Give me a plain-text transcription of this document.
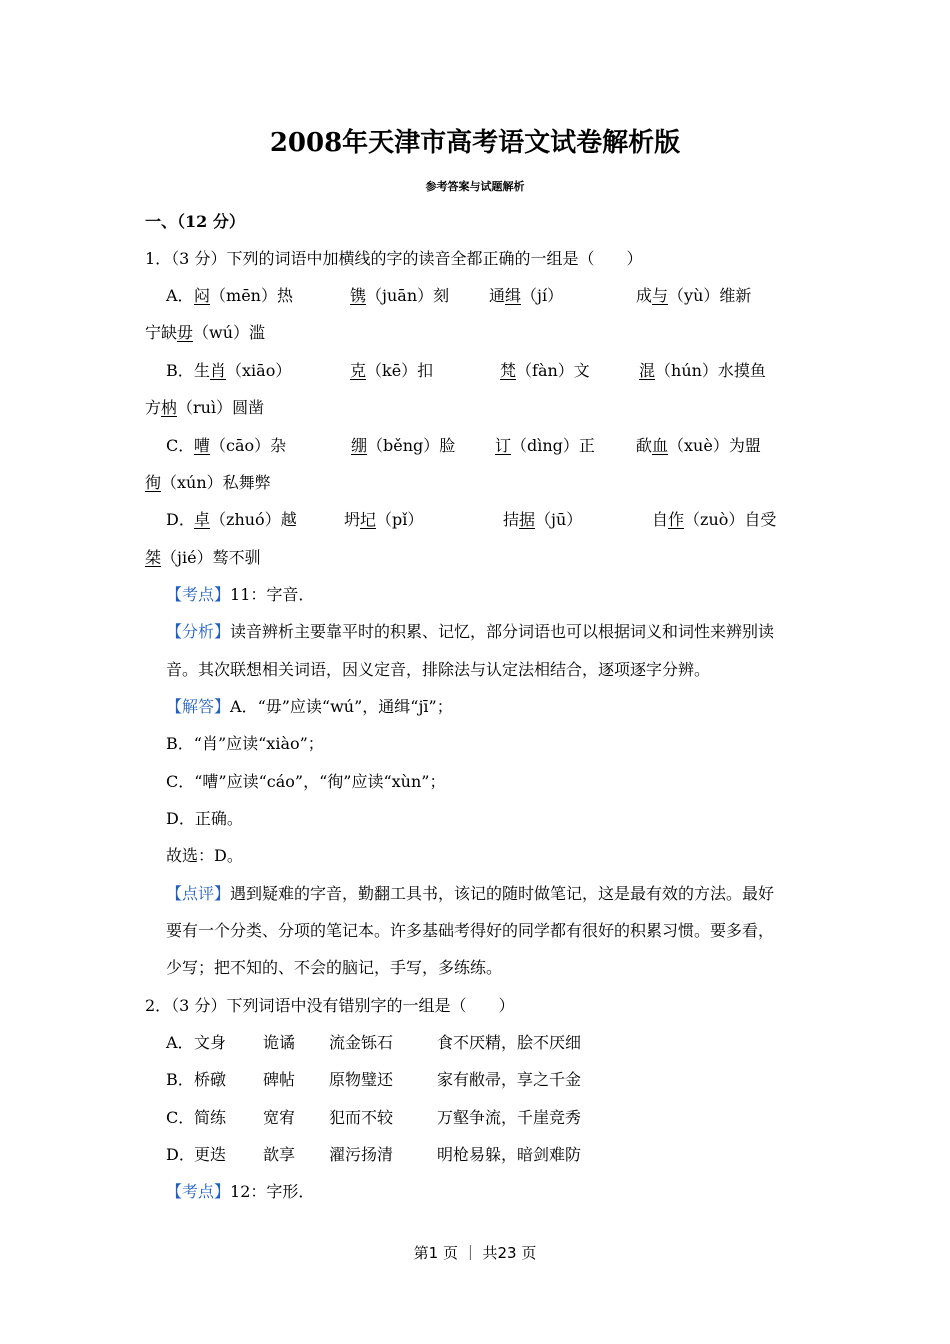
2008年天津市高考语文试卷解析版
参考答案与试题解析
一、（12 分）
1．（3 分）下列的词语中加横线的字的读音全都正确的一组是（　　）
A． 闷（mēn）热	镌（juān）刻 通缉（jí）	成与（yù）维新
宁缺毋（wú）滥
B． 生肖（xiāo）	克（kē）扣	梵（fàn）文	混（hún）水摸鱼
方枘（ruì）圆凿
C． 嘈（cāo）杂	绷（běng）脸 订（dìng）正	歃血（xuè）为盟
徇（xún）私舞弊
D． 卓（zhuó）越	坍圮（pǐ）	拮据（jū）	自作（zuò）自受
桀（jié）骜不驯
【考点】11：字音．
【分析】读音辨析主要靠平时的积累、记忆，部分词语也可以根据词义和词性来辨别读
音。其次联想相关词语，因义定音，排除法与认定法相结合，逐项逐字分辨。
【解答】A．“毋”应读“wú”，通缉“jī”；
B．“肖”应读“xiào”；
C．“嘈”应读“cáo”，“徇”应读“xùn”；
D．正确。
故选：D。
【点评】遇到疑难的字音，勤翻工具书，该记的随时做笔记，这是最有效的方法。最好
要有一个分类、分项的笔记本。许多基础考得好的同学都有很好的积累习惯。要多看，
少写；把不知的、不会的脑记，手写，多练练。
2．（3 分）下列词语中没有错别字的一组是（　　）
A． 文身 诡谲 流金铄石	食不厌精，脍不厌细
B． 桥礅 碑帖 原物璧还	家有敝帚，享之千金
C． 简练 宽宥 犯而不较	万壑争流，千崖竞秀
D． 更迭 歆享 濯污扬清	明枪易躲，暗剑难防
【考点】12：字形．
第1 页 ｜ 共23 页
